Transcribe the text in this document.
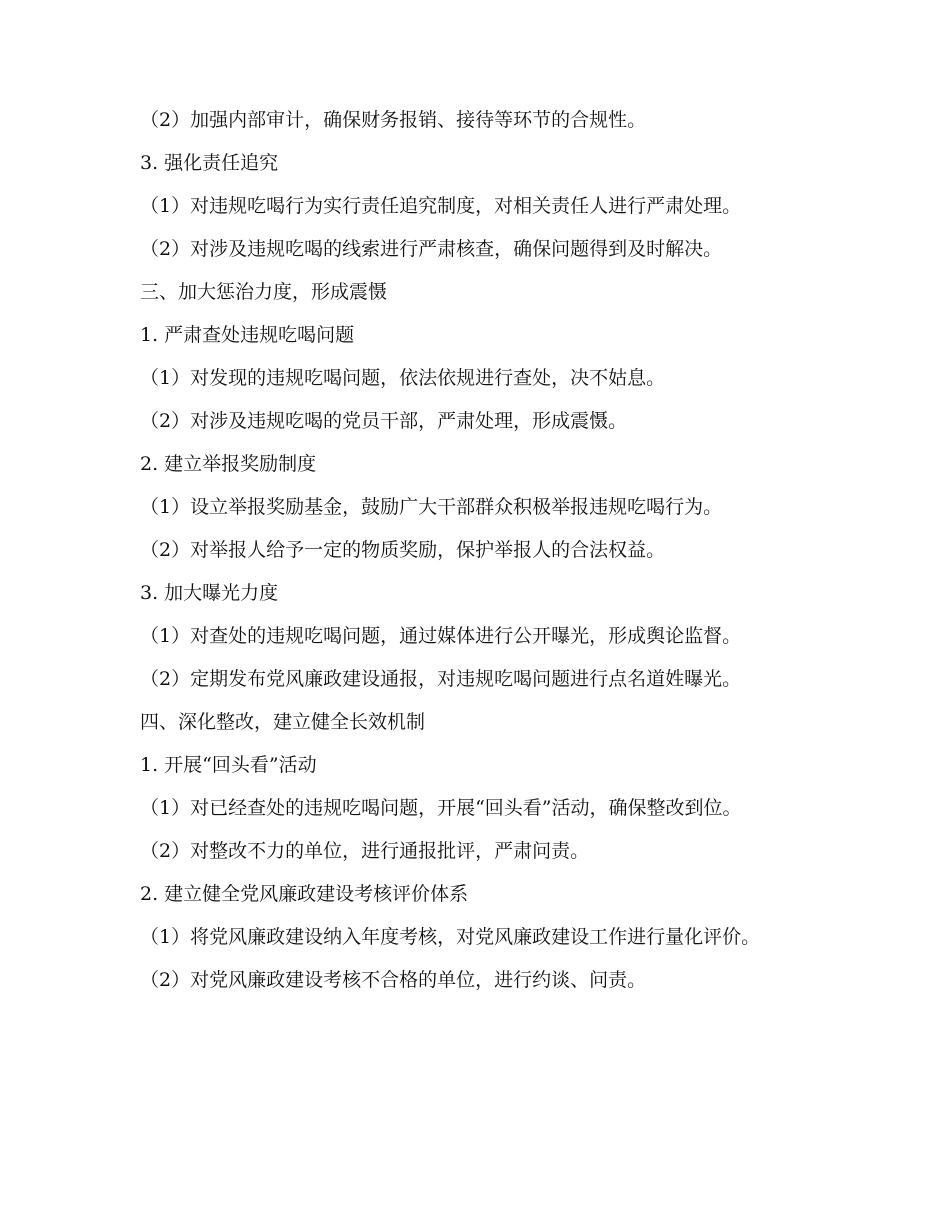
（2）加强内部审计，确保财务报销、接待等环节的合规性。

3. 强化责任追究

（1）对违规吃喝行为实行责任追究制度，对相关责任人进行严肃处理。

（2）对涉及违规吃喝的线索进行严肃核查，确保问题得到及时解决。

三、加大惩治力度，形成震慑

1. 严肃查处违规吃喝问题

（1）对发现的违规吃喝问题，依法依规进行查处，决不姑息。

（2）对涉及违规吃喝的党员干部，严肃处理，形成震慑。

2. 建立举报奖励制度

（1）设立举报奖励基金，鼓励广大干部群众积极举报违规吃喝行为。

（2）对举报人给予一定的物质奖励，保护举报人的合法权益。

3. 加大曝光力度

（1）对查处的违规吃喝问题，通过媒体进行公开曝光，形成舆论监督。

（2）定期发布党风廉政建设通报，对违规吃喝问题进行点名道姓曝光。

四、深化整改，建立健全长效机制

1. 开展“回头看”活动

（1）对已经查处的违规吃喝问题，开展“回头看”活动，确保整改到位。

（2）对整改不力的单位，进行通报批评，严肃问责。

2. 建立健全党风廉政建设考核评价体系

（1）将党风廉政建设纳入年度考核，对党风廉政建设工作进行量化评价。

（2）对党风廉政建设考核不合格的单位，进行约谈、问责。
